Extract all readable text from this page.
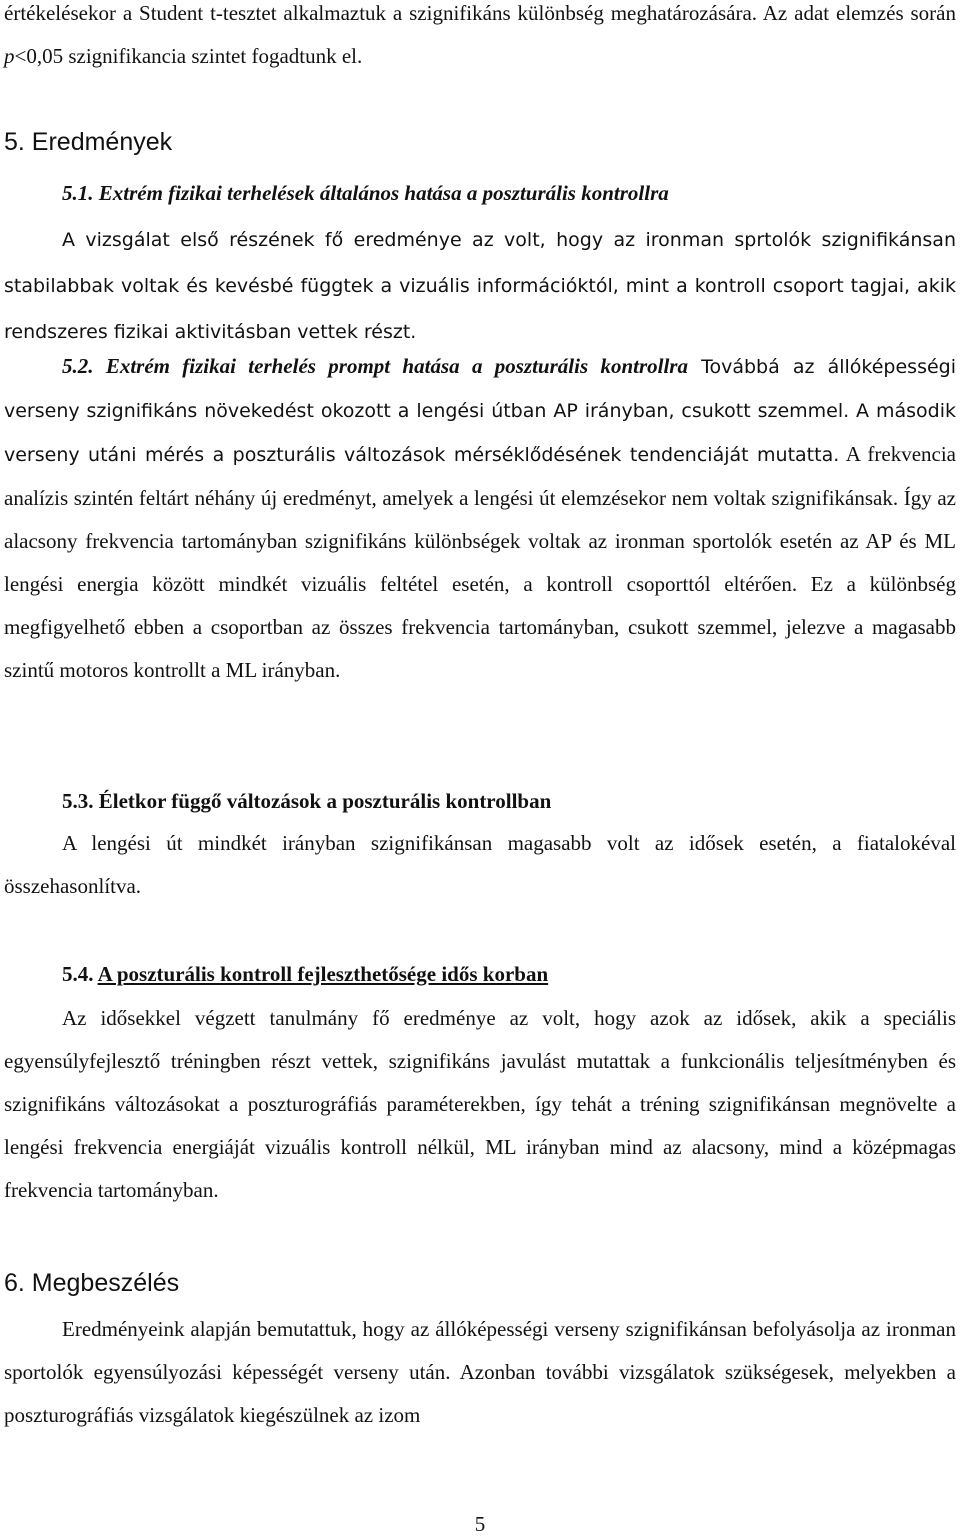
értékelésekor a Student t-tesztet alkalmaztuk a szignifikáns különbség meghatározására. Az adat elemzés során p<0,05 szignifikancia szintet fogadtunk el.

5. Eredmények

5.1. Extrém fizikai terhelések általános hatása a poszturális kontrollra
A vizsgálat első részének fő eredménye az volt, hogy az ironman sprtolók szignifikánsan stabilabbak voltak és kevésbé függtek a vizuális információktól, mint a kontroll csoport tagjai, akik rendszeres fizikai aktivitásban vettek részt.

5.2. Extrém fizikai terhelés prompt hatása a poszturális kontrollra Továbbá az állóképességi verseny szignifikáns növekedést okozott a lengési útban AP irányban, csukott szemmel. A második verseny utáni mérés a poszturális változások mérséklődésének tendenciáját mutatta. A frekvencia analízis szintén feltárt néhány új eredményt, amelyek a lengési út elemzésekor nem voltak szignifikánsak. Így az alacsony frekvencia tartományban szignifikáns különbségek voltak az ironman sportolók esetén az AP és ML lengési energia között mindkét vizuális feltétel esetén, a kontroll csoporttól eltérően. Ez a különbség megfigyelhető ebben a csoportban az összes frekvencia tartományban, csukott szemmel, jelezve a magasabb szintű motoros kontrollt a ML irányban.

5.3. Életkor függő változások a poszturális kontrollban

A lengési út mindkét irányban szignifikánsan magasabb volt az idősek esetén, a fiatalokéval összehasonlítva.

5.4. A poszturális kontroll fejleszthetősége idős korban

Az idősekkel végzett tanulmány fő eredménye az volt, hogy azok az idősek, akik a speciális egyensúlyfejlesztő tréningben részt vettek, szignifikáns javulást mutattak a funkcionális teljesítményben és szignifikáns változásokat a poszturográfiás paraméterekben, így tehát a tréning szignifikánsan megnövelte a lengési frekvencia energiáját vizuális kontroll nélkül, ML irányban mind az alacsony, mind a középmagas frekvencia tartományban.

6. Megbeszélés

Eredményeink alapján bemutattuk, hogy az állóképességi verseny szignifikánsan befolyásolja az ironman sportolók egyensúlyozási képességét verseny után. Azonban további vizsgálatok szükségesek, melyekben a poszturográfiás vizsgálatok kiegészülnek az izom

5
